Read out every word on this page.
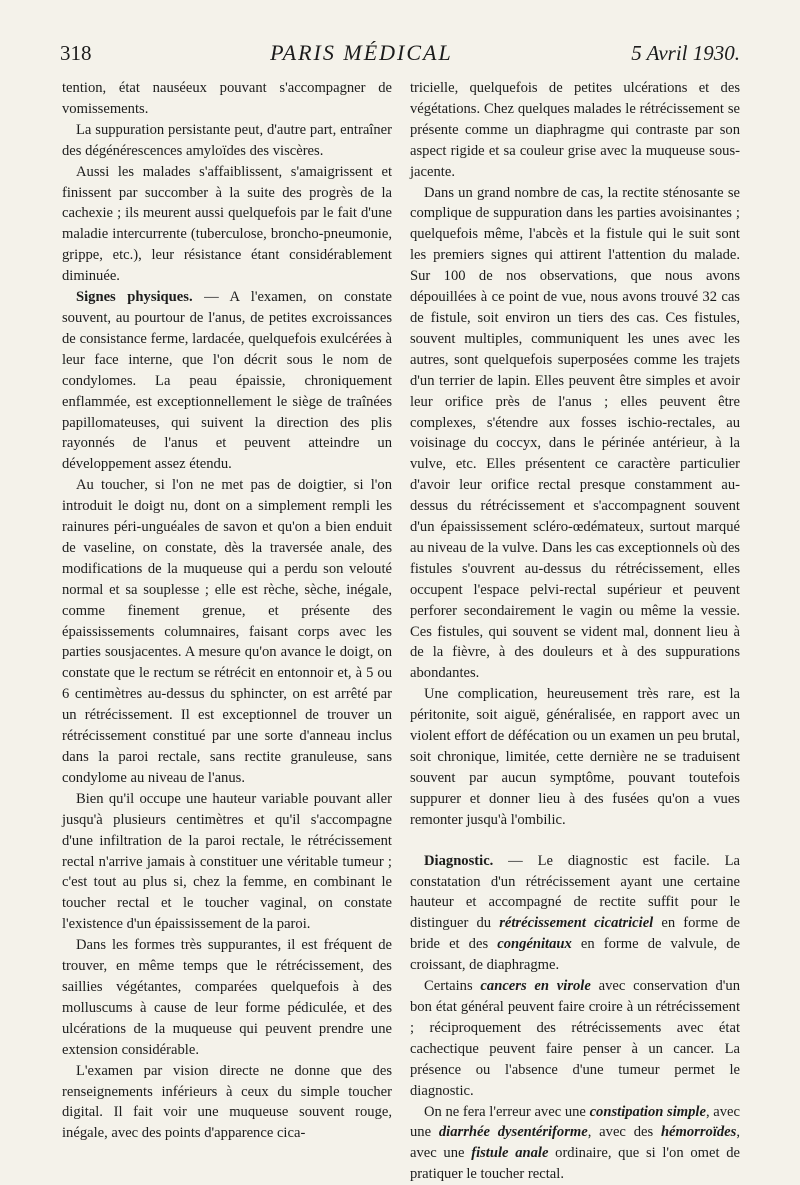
318	PARIS MÉDICAL	5 Avril 1930.

tention, état nauséeux pouvant s'accompagner de vomissements.

La suppuration persistante peut, d'autre part, entraîner des dégénérescences amyloïdes des viscères.

Aussi les malades s'affaiblissent, s'amaigrissent et finissent par succomber à la suite des progrès de la cachexie ; ils meurent aussi quelquefois par le fait d'une maladie intercurrente (tuberculose, broncho-pneumonie, grippe, etc.), leur résistance étant considérablement diminuée.

Signes physiques. — A l'examen, on constate souvent, au pourtour de l'anus, de petites excroissances de consistance ferme, lardacée, quelquefois exulcérées à leur face interne, que l'on décrit sous le nom de condylomes. La peau épaissie, chroniquement enflammée, est exceptionnellement le siège de traînées papillomateuses, qui suivent la direction des plis rayonnés de l'anus et peuvent atteindre un développement assez étendu.

Au toucher, si l'on ne met pas de doigtier, si l'on introduit le doigt nu, dont on a simplement rempli les rainures péri-unguéales de savon et qu'on a bien enduit de vaseline, on constate, dès la traversée anale, des modifications de la muqueuse qui a perdu son velouté normal et sa souplesse ; elle est rèche, sèche, inégale, comme finement grenue, et présente des épaississements columnaires, faisant corps avec les parties sousjacentes. A mesure qu'on avance le doigt, on constate que le rectum se rétrécit en entonnoir et, à 5 ou 6 centimètres au-dessus du sphincter, on est arrêté par un rétrécissement. Il est exceptionnel de trouver un rétrécissement constitué par une sorte d'anneau inclus dans la paroi rectale, sans rectite granuleuse, sans condylome au niveau de l'anus.

Bien qu'il occupe une hauteur variable pouvant aller jusqu'à plusieurs centimètres et qu'il s'accompagne d'une infiltration de la paroi rectale, le rétrécissement rectal n'arrive jamais à constituer une véritable tumeur ; c'est tout au plus si, chez la femme, en combinant le toucher rectal et le toucher vaginal, on constate l'existence d'un épaississement de la paroi.

Dans les formes très suppurantes, il est fréquent de trouver, en même temps que le rétrécissement, des saillies végétantes, comparées quelquefois à des molluscums à cause de leur forme pédiculée, et des ulcérations de la muqueuse qui peuvent prendre une extension considérable.

L'examen par vision directe ne donne que des renseignements inférieurs à ceux du simple toucher digital. Il fait voir une muqueuse souvent rouge, inégale, avec des points d'apparence cica-

tricielle, quelquefois de petites ulcérations et des végétations. Chez quelques malades le rétrécissement se présente comme un diaphragme qui contraste par son aspect rigide et sa couleur grise avec la muqueuse sous-jacente.

Dans un grand nombre de cas, la rectite sténosante se complique de suppuration dans les parties avoisinantes ; quelquefois même, l'abcès et la fistule qui le suit sont les premiers signes qui attirent l'attention du malade. Sur 100 de nos observations, que nous avons dépouillées à ce point de vue, nous avons trouvé 32 cas de fistule, soit environ un tiers des cas. Ces fistules, souvent multiples, communiquent les unes avec les autres, sont quelquefois superposées comme les trajets d'un terrier de lapin. Elles peuvent être simples et avoir leur orifice près de l'anus ; elles peuvent être complexes, s'étendre aux fosses ischio-rectales, au voisinage du coccyx, dans le périnée antérieur, à la vulve, etc. Elles présentent ce caractère particulier d'avoir leur orifice rectal presque constamment au-dessus du rétrécissement et s'accompagnent souvent d'un épaississement scléro-œdémateux, surtout marqué au niveau de la vulve. Dans les cas exceptionnels où des fistules s'ouvrent au-dessus du rétrécissement, elles occupent l'espace pelvi-rectal supérieur et peuvent perforer secondairement le vagin ou même la vessie. Ces fistules, qui souvent se vident mal, donnent lieu à de la fièvre, à des douleurs et à des suppurations abondantes.

Une complication, heureusement très rare, est la péritonite, soit aiguë, généralisée, en rapport avec un violent effort de défécation ou un examen un peu brutal, soit chronique, limitée, cette dernière ne se traduisent souvent par aucun symptôme, pouvant toutefois suppurer et donner lieu à des fusées qu'on a vues remonter jusqu'à l'ombilic.

Diagnostic. — Le diagnostic est facile. La constatation d'un rétrécissement ayant une certaine hauteur et accompagné de rectite suffit pour le distinguer du rétrécissement cicatriciel en forme de bride et des congénitaux en forme de valvule, de croissant, de diaphragme.

Certains cancers en virole avec conservation d'un bon état général peuvent faire croire à un rétrécissement ; réciproquement des rétrécissements avec état cachectique peuvent faire penser à un cancer. La présence ou l'absence d'une tumeur permet le diagnostic.

On ne fera l'erreur avec une constipation simple, avec une diarrhée dysentériforme, avec des hémorroïdes, avec une fistule anale ordinaire, que si l'on omet de pratiquer le toucher rectal.
